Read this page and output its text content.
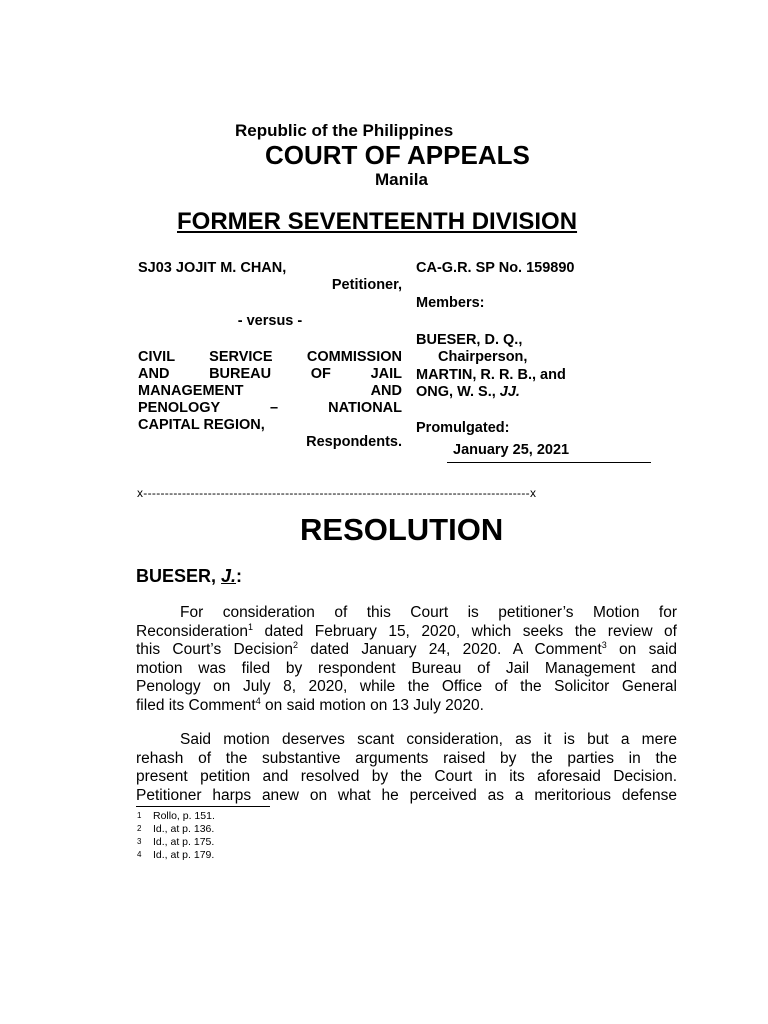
Republic of the Philippines
COURT OF APPEALS
Manila
FORMER SEVENTEENTH DIVISION
SJ03 JOJIT M. CHAN,
Petitioner,
- versus -
CIVIL SERVICE COMMISSION
AND BUREAU OF JAIL
MANAGEMENT AND
PENOLOGY – NATIONAL
CAPITAL REGION,
Respondents.
CA-G.R. SP No. 159890
Members:
BUESER, D. Q.,
Chairperson,
MARTIN, R. R. B., and
ONG, W. S., JJ.
Promulgated:
January 25, 2021
x------------------------------------------------------------------------------------------x
RESOLUTION
BUESER, J.:
For consideration of this Court is petitioner’s Motion for
Reconsideration$^1$ dated February 15, 2020, which seeks the review of
this Court’s Decision$^2$ dated January 24, 2020. A Comment$^3$ on said
motion was filed by respondent Bureau of Jail Management and
Penology on July 8, 2020, while the Office of the Solicitor General
filed its Comment$^4$ on said motion on 13 July 2020.
Said motion deserves scant consideration, as it is but a mere
rehash of the substantive arguments raised by the parties in the
present petition and resolved by the Court in its aforesaid Decision.
Petitioner harps anew on what he perceived as a meritorious defense
1 Rollo, p. 151.
2 Id., at p. 136.
3 Id., at p. 175.
4 Id., at p. 179.
